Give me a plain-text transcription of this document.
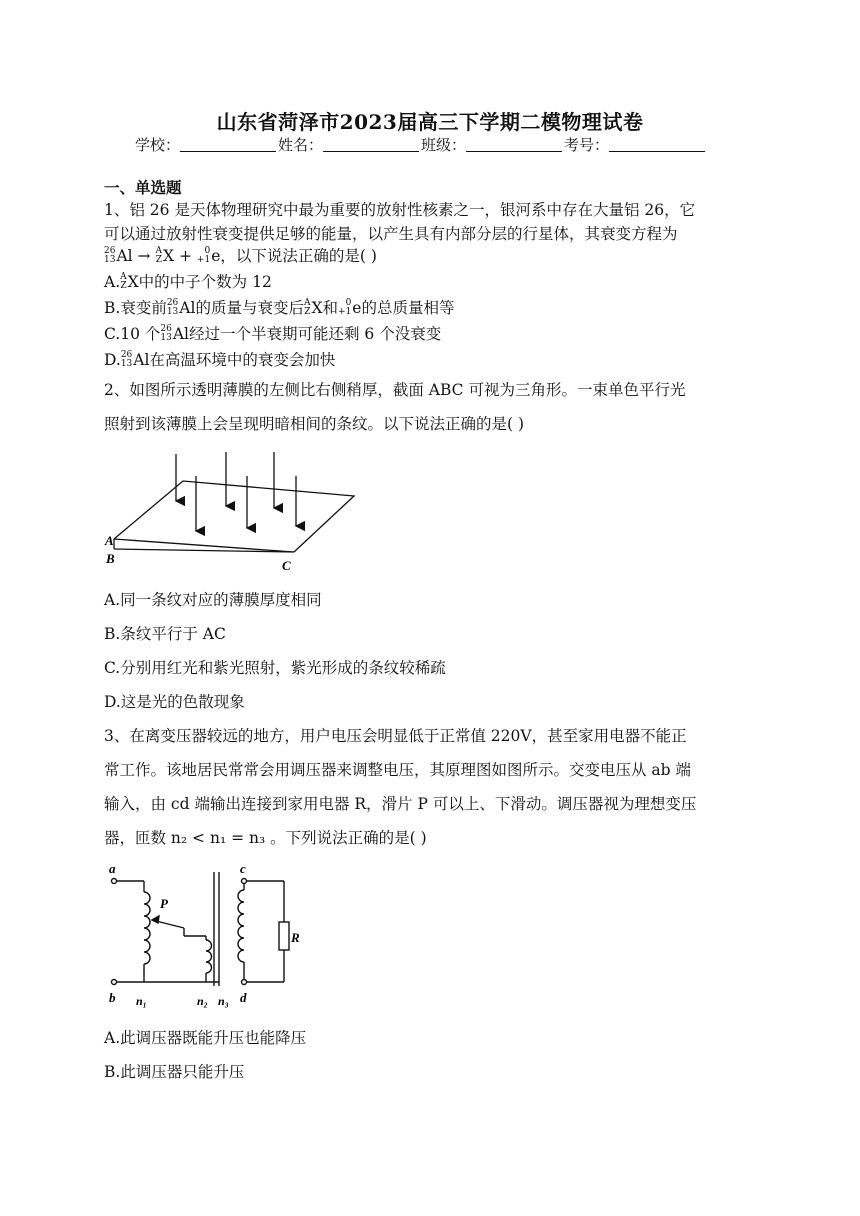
山东省菏泽市2023届高三下学期二模物理试卷
学校：	姓名：	班级：	考号：
一、单选题
1、铝 26 是天体物理研究中最为重要的放射性核素之一，银河系中存在大量铝 26，它
可以通过放射性衰变提供足够的能量，以产生具有内部分层的行星体，其衰变方程为
26
13 Al → A
Z X +	0
+1 e，以下说法正确的是( )
A. A
Z X中的中子个数为 12
B.衰变前 26
13 Al的质量与衰变后 A
Z X和 0
+1 e的总质量相等
C.10 个 26
13 Al经过一个半衰期可能还剩 6 个没衰变
D. 26
13 Al在高温环境中的衰变会加快
2、如图所示透明薄膜的左侧比右侧稍厚，截面 ABC 可视为三角形。一束单色平行光
照射到该薄膜上会呈现明暗相间的条纹。以下说法正确的是( )
A
B	C
A.同一条纹对应的薄膜厚度相同
B.条纹平行于 AC
C.分别用红光和紫光照射，紫光形成的条纹较稀疏
D.这是光的色散现象
3、在离变压器较远的地方，用户电压会明显低于正常值 220V，甚至家用电器不能正
常工作。该地居民常常会用调压器来调整电压，其原理图如图所示。交变电压从 ab 端
输入，由 cd 端输出连接到家用电器 R，滑片 P 可以上、下滑动。调压器视为理想变压
器，匝数 n₂ < n₁ = n₃ 。下列说法正确的是( )
a
b
c
d
P
R
n₁	n₂ n₃
A.此调压器既能升压也能降压
B.此调压器只能升压
